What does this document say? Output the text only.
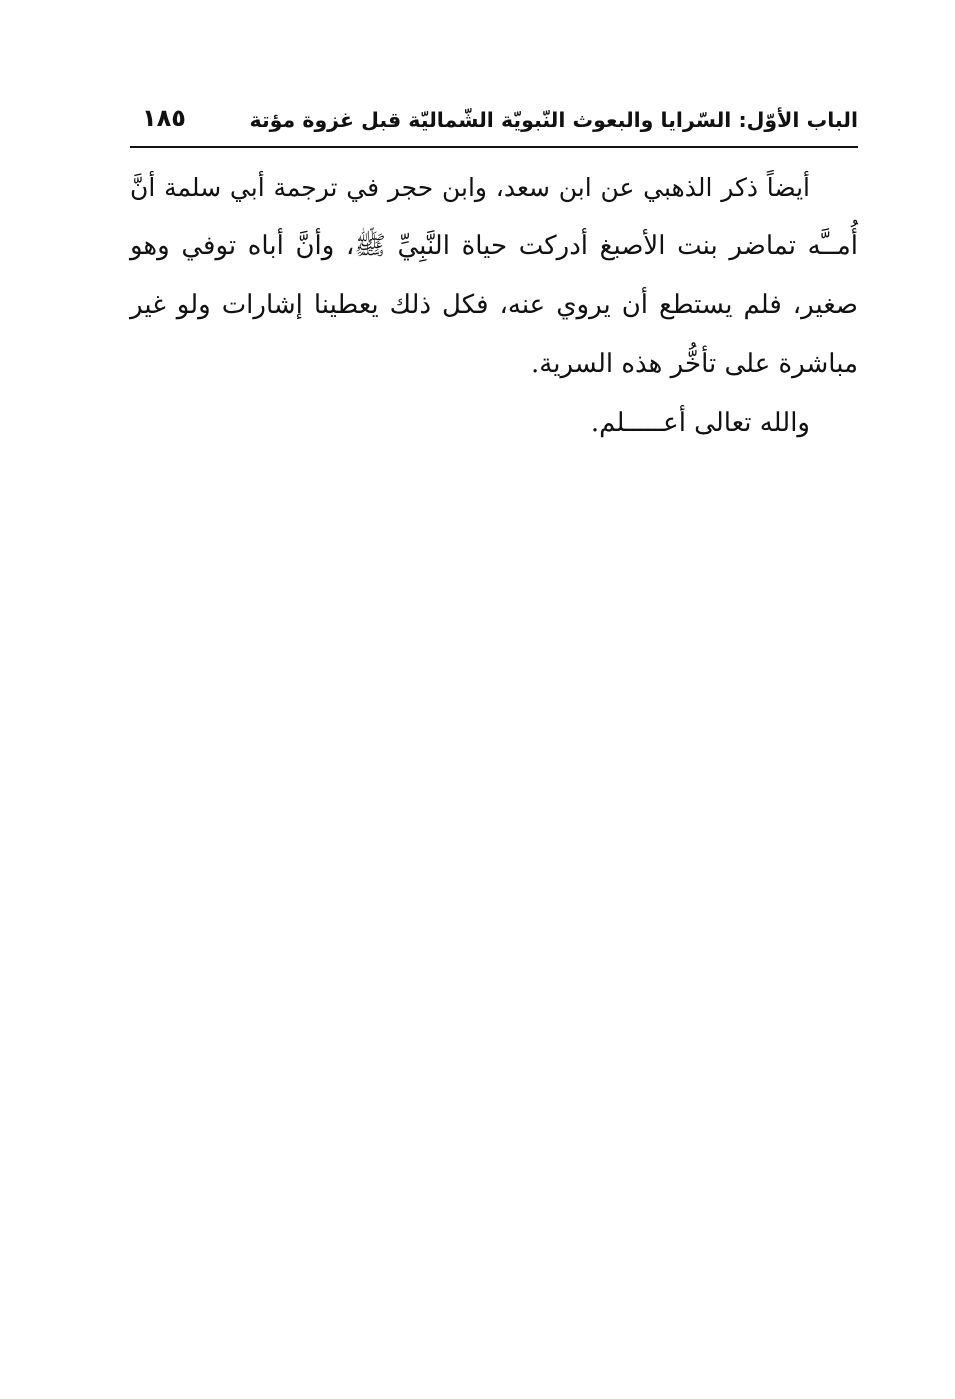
الباب الأوّل: السّرايا والبعوث النّبويّة الشّماليّة قبل غزوة مؤتة
١٨٥
أيضاً ذكر الذهبي عن ابن سعد، وابن حجر في ترجمة أبي سلمة أنَّ
أُمــَّه تماضر بنت الأصبغ أدركت حياة النَّبِيِّ ﷺ، وأنَّ أباه توفي وهو
صغير، فلم يستطع أن يروي عنه، فكل ذلك يعطينا إشارات ولو غير
مباشرة على تأخُّر هذه السرية.
والله تعالى أعـــــلم.
